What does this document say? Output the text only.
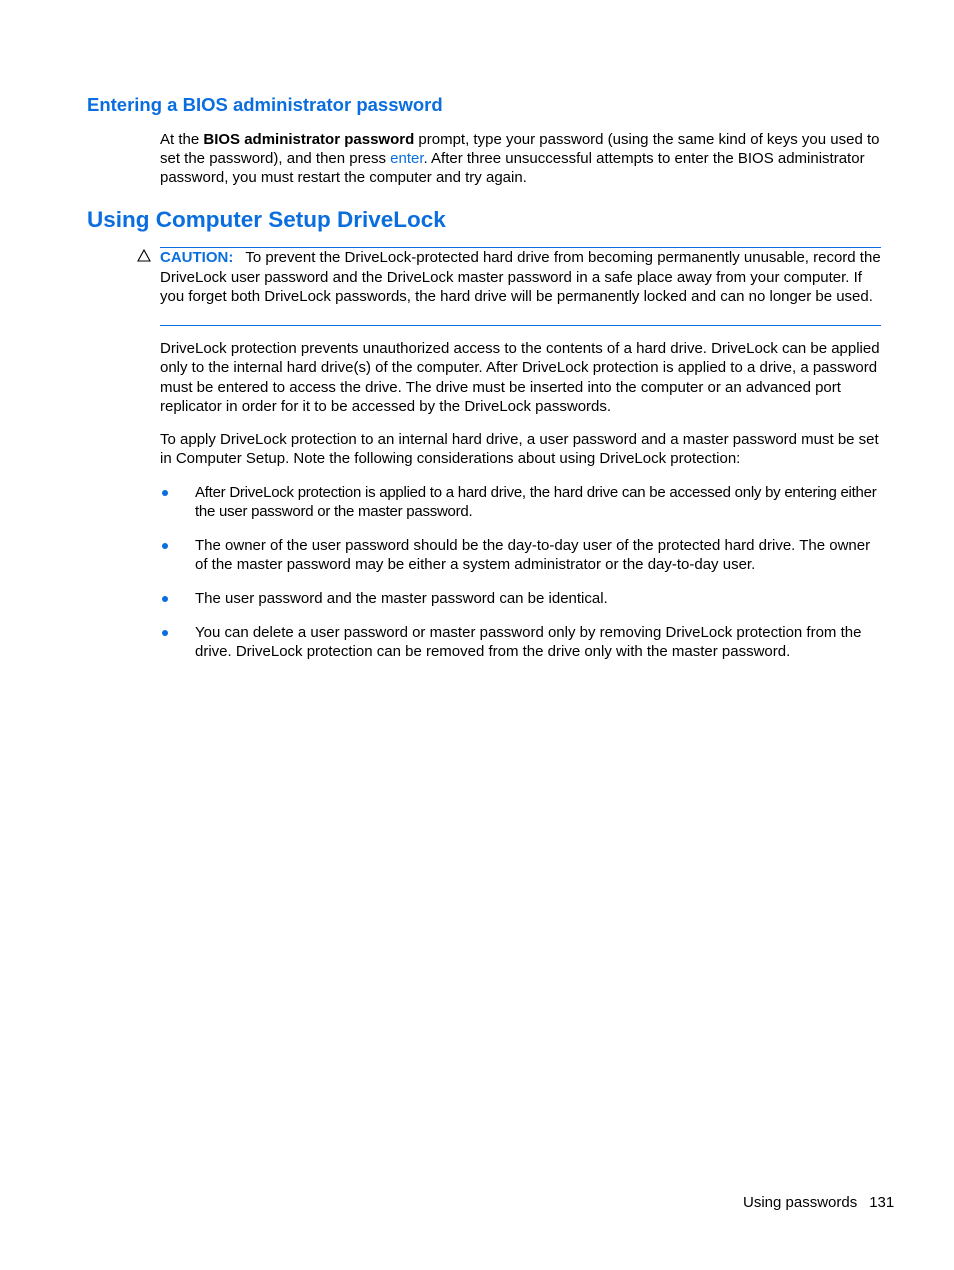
Entering a BIOS administrator password

At the BIOS administrator password prompt, type your password (using the same kind of keys you used to set the password), and then press enter. After three unsuccessful attempts to enter the BIOS administrator password, you must restart the computer and try again.

Using Computer Setup DriveLock

CAUTION: To prevent the DriveLock-protected hard drive from becoming permanently unusable, record the DriveLock user password and the DriveLock master password in a safe place away from your computer. If you forget both DriveLock passwords, the hard drive will be permanently locked and can no longer be used.

DriveLock protection prevents unauthorized access to the contents of a hard drive. DriveLock can be applied only to the internal hard drive(s) of the computer. After DriveLock protection is applied to a drive, a password must be entered to access the drive. The drive must be inserted into the computer or an advanced port replicator in order for it to be accessed by the DriveLock passwords.

To apply DriveLock protection to an internal hard drive, a user password and a master password must be set in Computer Setup. Note the following considerations about using DriveLock protection:

After DriveLock protection is applied to a hard drive, the hard drive can be accessed only by entering either the user password or the master password.
The owner of the user password should be the day-to-day user of the protected hard drive. The owner of the master password may be either a system administrator or the day-to-day user.
The user password and the master password can be identical.
You can delete a user password or master password only by removing DriveLock protection from the drive. DriveLock protection can be removed from the drive only with the master password.
Using passwords 131
